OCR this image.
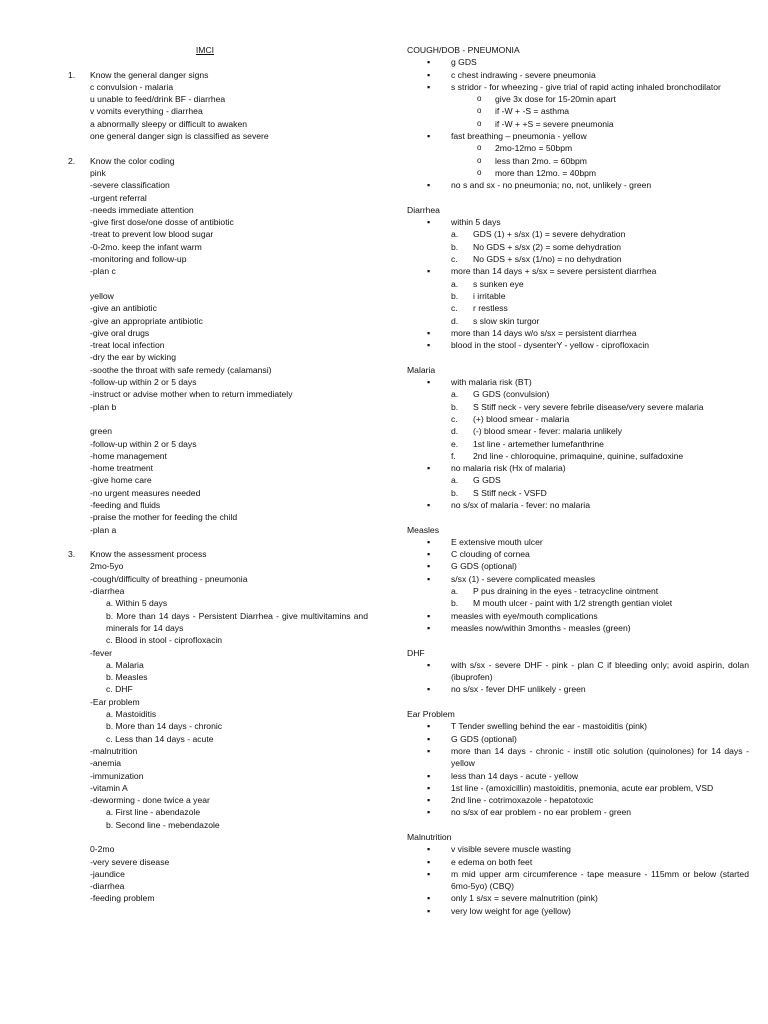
IMCI
1. Know the general danger signs
c convulsion - malaria
u unable to feed/drink BF - diarrhea
v vomits everything - diarrhea
a abnormally sleepy or difficult to awaken
one general danger sign is classified as severe
2. Know the color coding
pink
-severe classification
-urgent referral
-needs immediate attention
-give first dose/one dosse of antibiotic
-treat to prevent low blood sugar
-0-2mo. keep the infant warm
-monitoring and follow-up
-plan c
yellow
-give an antibiotic
-give an appropriate antibiotic
-give oral drugs
-treat local infection
-dry the ear by wicking
-soothe the throat with safe remedy (calamansi)
-follow-up within 2 or 5 days
-instruct or advise mother when to return immediately
-plan b
green
-follow-up within 2 or 5 days
-home management
-home treatment
-give home care
-no urgent measures needed
-feeding and fluids
-praise the mother for feeding the child
-plan a
3. Know the assessment process
2mo-5yo
-cough/difficulty of breathing - pneumonia
-diarrhea
a. Within 5 days
b. More than 14 days - Persistent Diarrhea - give multivitamins and minerals for 14 days
c. Blood in stool - ciprofloxacin
-fever
a. Malaria
b. Measles
c. DHF
-Ear problem
a. Mastoiditis
b. More than 14 days - chronic
c. Less than 14 days - acute
-malnutrition
-anemia
-immunization
-vitamin A
-deworming - done twice a year
a. First line - abendazole
b. Second line - mebendazole
0-2mo
-very severe disease
-jaundice
-diarrhea
-feeding problem
COUGH/DOB - PNEUMONIA
▪ g GDS
▪ c chest indrawing - severe pneumonia
▪ s stridor - for wheezing - give trial of rapid acting inhaled bronchodilator
o give 3x dose for 15-20min apart
o if -W + -S = asthma
o if -W + +S = severe pneumonia
▪ fast breathing – pneumonia - yellow
o 2mo-12mo = 50bpm
o less than 2mo. = 60bpm
o more than 12mo. = 40bpm
▪ no s and sx - no pneumonia; no, not, unlikely - green
Diarrhea
▪ within 5 days
a. GDS (1) + s/sx (1) = severe dehydration
b. No GDS + s/sx (2) = some dehydration
c. No GDS + s/sx (1/no) = no dehydration
▪ more than 14 days + s/sx = severe persistent diarrhea
a. s sunken eye
b. i irritable
c. r restless
d. s slow skin turgor
▪ more than 14 days w/o s/sx = persistent diarrhea
▪ blood in the stool - dysenterY - yellow - ciprofloxacin
Malaria
▪ with malaria risk (BT)
a. G GDS (convulsion)
b. S Stiff neck - very severe febrile disease/very severe malaria
c. (+) blood smear - malaria
d. (-) blood smear - fever: malaria unlikely
e. 1st line - artemether lumefanthrine
f. 2nd line - chloroquine, primaquine, quinine, sulfadoxine
▪ no malaria risk (Hx of malaria)
a. G GDS
b. S Stiff neck - VSFD
▪ no s/sx of malaria - fever: no malaria
Measles
▪ E extensive mouth ulcer
▪ C clouding of cornea
▪ G GDS (optional)
▪ s/sx (1) - severe complicated measles
a. P pus draining in the eyes - tetracycline ointment
b. M mouth ulcer - paint with 1/2 strength gentian violet
▪ measles with eye/mouth complications
▪ measles now/within 3months - measles (green)
DHF
▪ with s/sx - severe DHF - pink - plan C if bleeding only; avoid aspirin, dolan (ibuprofen)
▪ no s/sx - fever DHF unlikely - green
Ear Problem
▪ T Tender swelling behind the ear - mastoiditis (pink)
▪ G GDS (optional)
▪ more than 14 days - chronic - instill otic solution (quinolones) for 14 days - yellow
▪ less than 14 days - acute - yellow
▪ 1st line - (amoxicillin) mastoiditis, pnemonia, acute ear problem, VSD
▪ 2nd line - cotrimoxazole - hepatotoxic
▪ no s/sx of ear problem - no ear problem - green
Malnutrition
▪ v visible severe muscle wasting
▪ e edema on both feet
▪ m mid upper arm circumference - tape measure - 115mm or below (started 6mo-5yo) (CBQ)
▪ only 1 s/sx = severe malnutrition (pink)
▪ very low weight for age (yellow)
